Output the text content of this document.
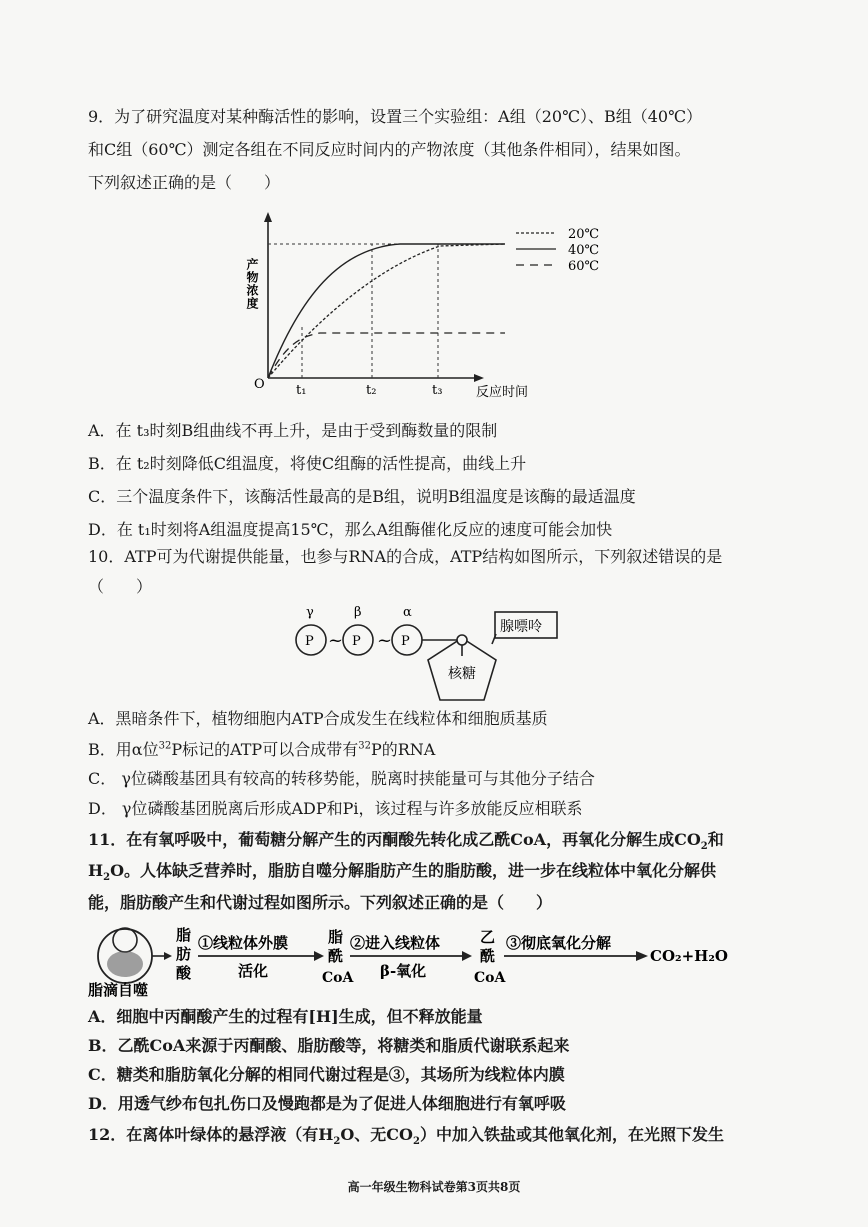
9．为了研究温度对某种酶活性的影响，设置三个实验组：A组（20℃）、B组（40℃）
和C组（60℃）测定各组在不同反应时间内的产物浓度（其他条件相同），结果如图。
下列叙述正确的是（　　）
产物浓度
O
反应时间
t₁	t₂	t₃
20℃
40℃
60℃
A．在 t₃时刻B组曲线不再上升，是由于受到酶数量的限制
B．在 t₂时刻降低C组温度，将使C组酶的活性提高，曲线上升
C．三个温度条件下，该酶活性最高的是B组，说明B组温度是该酶的最适温度
D．在 t₁时刻将A组温度提高15℃，那么A组酶催化反应的速度可能会加快
10．ATP可为代谢提供能量，也参与RNA的合成，ATP结构如图所示，下列叙述错误的是
（　　）
γ	β	α
P	P	P
~ ~
核糖
腺嘌呤
A．黑暗条件下，植物细胞内ATP合成发生在线粒体和细胞质基质
B．用α位$^{32}$P标记的ATP可以合成带有$^{32}$P的RNA
C． γ位磷酸基团具有较高的转移势能，脱离时挟能量可与其他分子结合
D． γ位磷酸基团脱离后形成ADP和Pi，该过程与许多放能反应相联系
11．在有氧呼吸中，葡萄糖分解产生的丙酮酸先转化成乙酰CoA，再氧化分解生成$CO_2$和
$H_2O$。人体缺乏营养时，脂肪自噬分解脂肪产生的脂肪酸，进一步在线粒体中氧化分解供
能，脂肪酸产生和代谢过程如图所示。下列叙述正确的是（　　）
脂滴自噬
脂
肪
酸
①线粒体外膜
活化
脂
酰
CoA
②进入线粒体
β-氧化
乙
酰
CoA
③彻底氧化分解
CO₂+H₂O
A．细胞中丙酮酸产生的过程有[H]生成，但不释放能量
B．乙酰CoA来源于丙酮酸、脂肪酸等，将糖类和脂质代谢联系起来
C．糖类和脂肪氧化分解的相同代谢过程是③，其场所为线粒体内膜
D．用透气纱布包扎伤口及慢跑都是为了促进人体细胞进行有氧呼吸
12．在离体叶绿体的悬浮液（有$H_2O$、无$CO_2$）中加入铁盐或其他氧化剂，在光照下发生
高一年级生物科试卷第3页共8页
